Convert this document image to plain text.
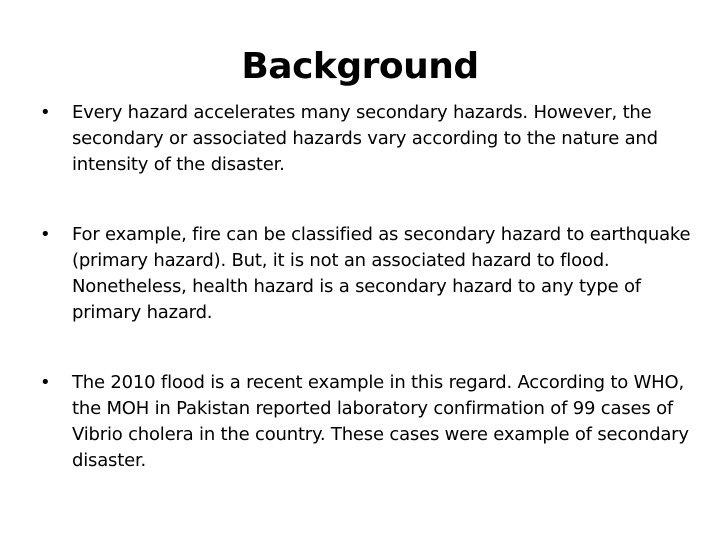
Background
• Every hazard accelerates many secondary hazards. However, the secondary or associated hazards vary according to the nature and intensity of the disaster.
• For example, fire can be classified as secondary hazard to earthquake (primary hazard). But, it is not an associated hazard to flood. Nonetheless, health hazard is a secondary hazard to any type of primary hazard.
• The 2010 flood is a recent example in this regard. According to WHO, the MOH in Pakistan reported laboratory confirmation of 99 cases of Vibrio cholera in the country. These cases were example of secondary disaster.
